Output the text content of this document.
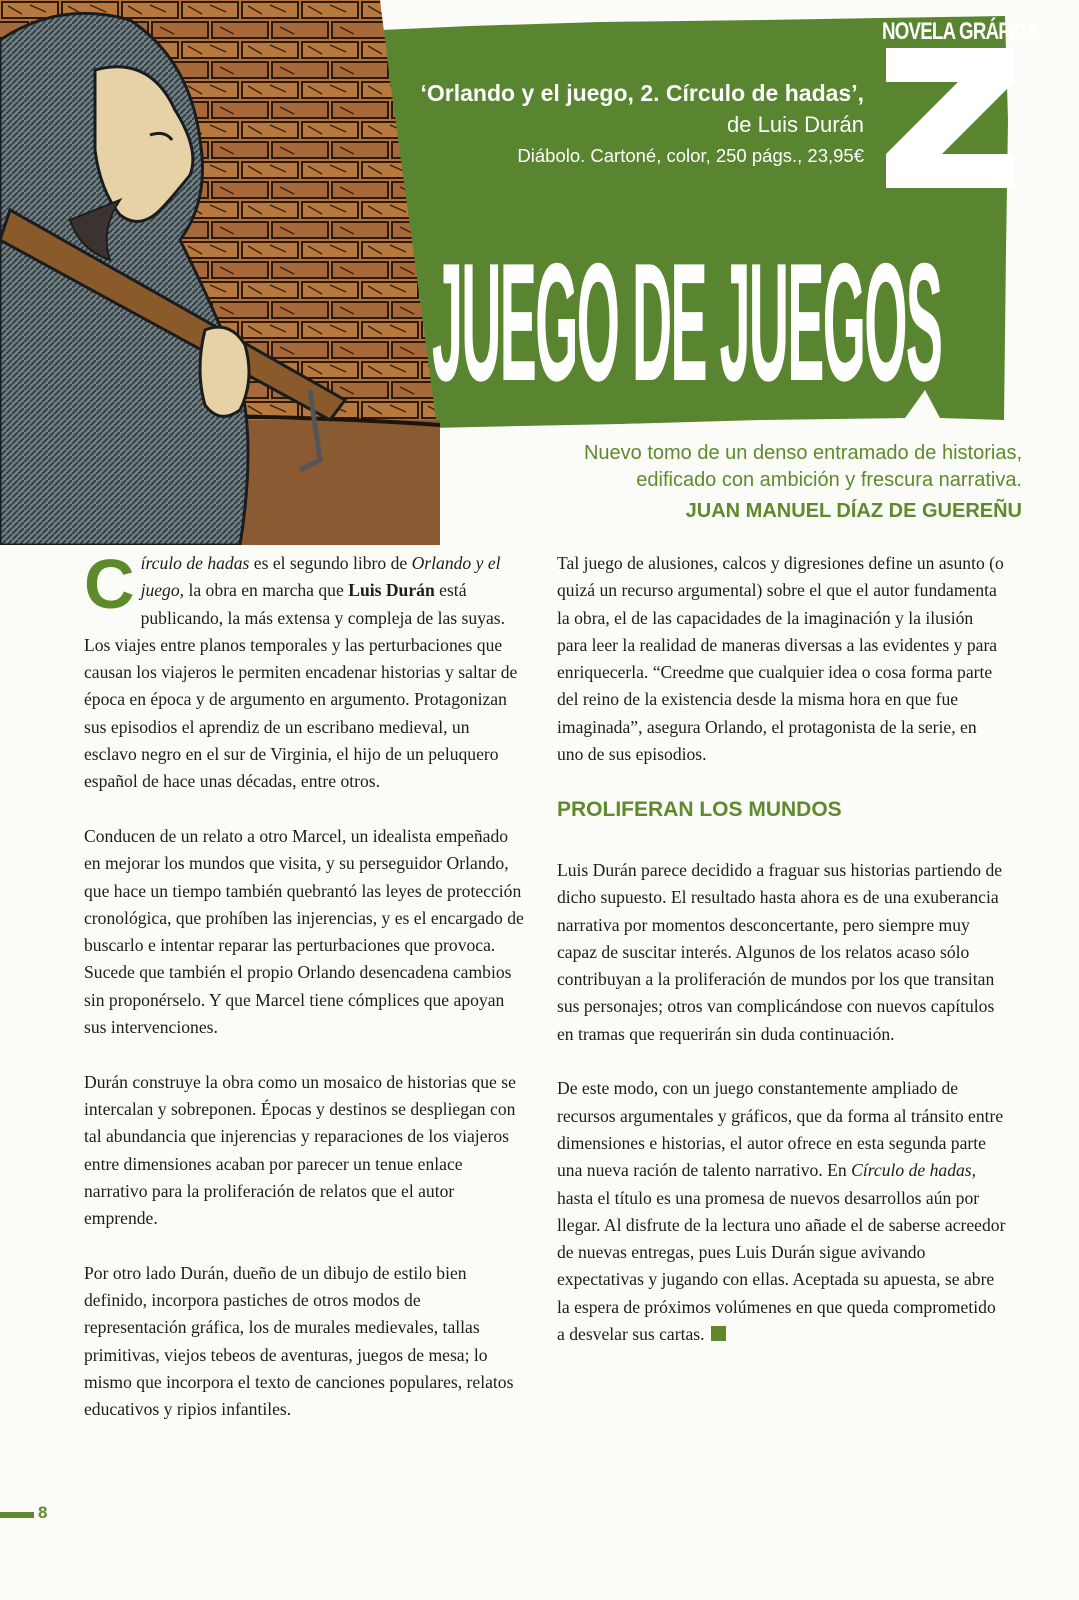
NOVELA GRÁFICA
‘Orlando y el juego, 2. Círculo de hadas’,
de Luis Durán
Diábolo. Cartoné, color, 250 págs., 23,95€
JUEGO DE JUEGOS
Nuevo tomo de un denso entramado de historias, edificado con ambición y frescura narrativa.
JUAN MANUEL DÍAZ DE GUEREÑU

Círculo de hadas es el segundo libro de Orlando y el juego, la obra en marcha que Luis Durán está publicando, la más extensa y compleja de las suyas. Los viajes entre planos temporales y las perturbaciones que causan los viajeros le permiten encadenar historias y saltar de época en época y de argumento en argumento. Protagonizan sus episodios el aprendiz de un escribano medieval, un esclavo negro en el sur de Virginia, el hijo de un peluquero español de hace unas décadas, entre otros.

Conducen de un relato a otro Marcel, un idealista empeñado en mejorar los mundos que visita, y su perseguidor Orlando, que hace un tiempo también quebrantó las leyes de protección cronológica, que prohíben las injerencias, y es el encargado de buscarlo e intentar reparar las perturbaciones que provoca. Sucede que también el propio Orlando desencadena cambios sin proponérselo. Y que Marcel tiene cómplices que apoyan sus intervenciones.

Durán construye la obra como un mosaico de historias que se intercalan y sobreponen. Épocas y destinos se despliegan con tal abundancia que injerencias y reparaciones de los viajeros entre dimensiones acaban por parecer un tenue enlace narrativo para la proliferación de relatos que el autor emprende.

Por otro lado Durán, dueño de un dibujo de estilo bien definido, incorpora pastiches de otros modos de representación gráfica, los de murales medievales, tallas primitivas, viejos tebeos de aventuras, juegos de mesa; lo mismo que incorpora el texto de canciones populares, relatos educativos y ripios infantiles.

Tal juego de alusiones, calcos y digresiones define un asunto (o quizá un recurso argumental) sobre el que el autor fundamenta la obra, el de las capacidades de la imaginación y la ilusión para leer la realidad de maneras diversas a las evidentes y para enriquecerla. “Creedme que cualquier idea o cosa forma parte del reino de la existencia desde la misma hora en que fue imaginada”, asegura Orlando, el protagonista de la serie, en uno de sus episodios.

PROLIFERAN LOS MUNDOS

Luis Durán parece decidido a fraguar sus historias partiendo de dicho supuesto. El resultado hasta ahora es de una exuberancia narrativa por momentos desconcertante, pero siempre muy capaz de suscitar interés. Algunos de los relatos acaso sólo contribuyan a la proliferación de mundos por los que transitan sus personajes; otros van complicándose con nuevos capítulos en tramas que requerirán sin duda continuación.

De este modo, con un juego constantemente ampliado de recursos argumentales y gráficos, que da forma al tránsito entre dimensiones e historias, el autor ofrece en esta segunda parte una nueva ración de talento narrativo. En Círculo de hadas, hasta el título es una promesa de nuevos desarrollos aún por llegar. Al disfrute de la lectura uno añade el de saberse acreedor de nuevas entregas, pues Luis Durán sigue avivando expectativas y jugando con ellas. Aceptada su apuesta, se abre la espera de próximos volúmenes en que queda comprometido a desvelar sus cartas.

8
